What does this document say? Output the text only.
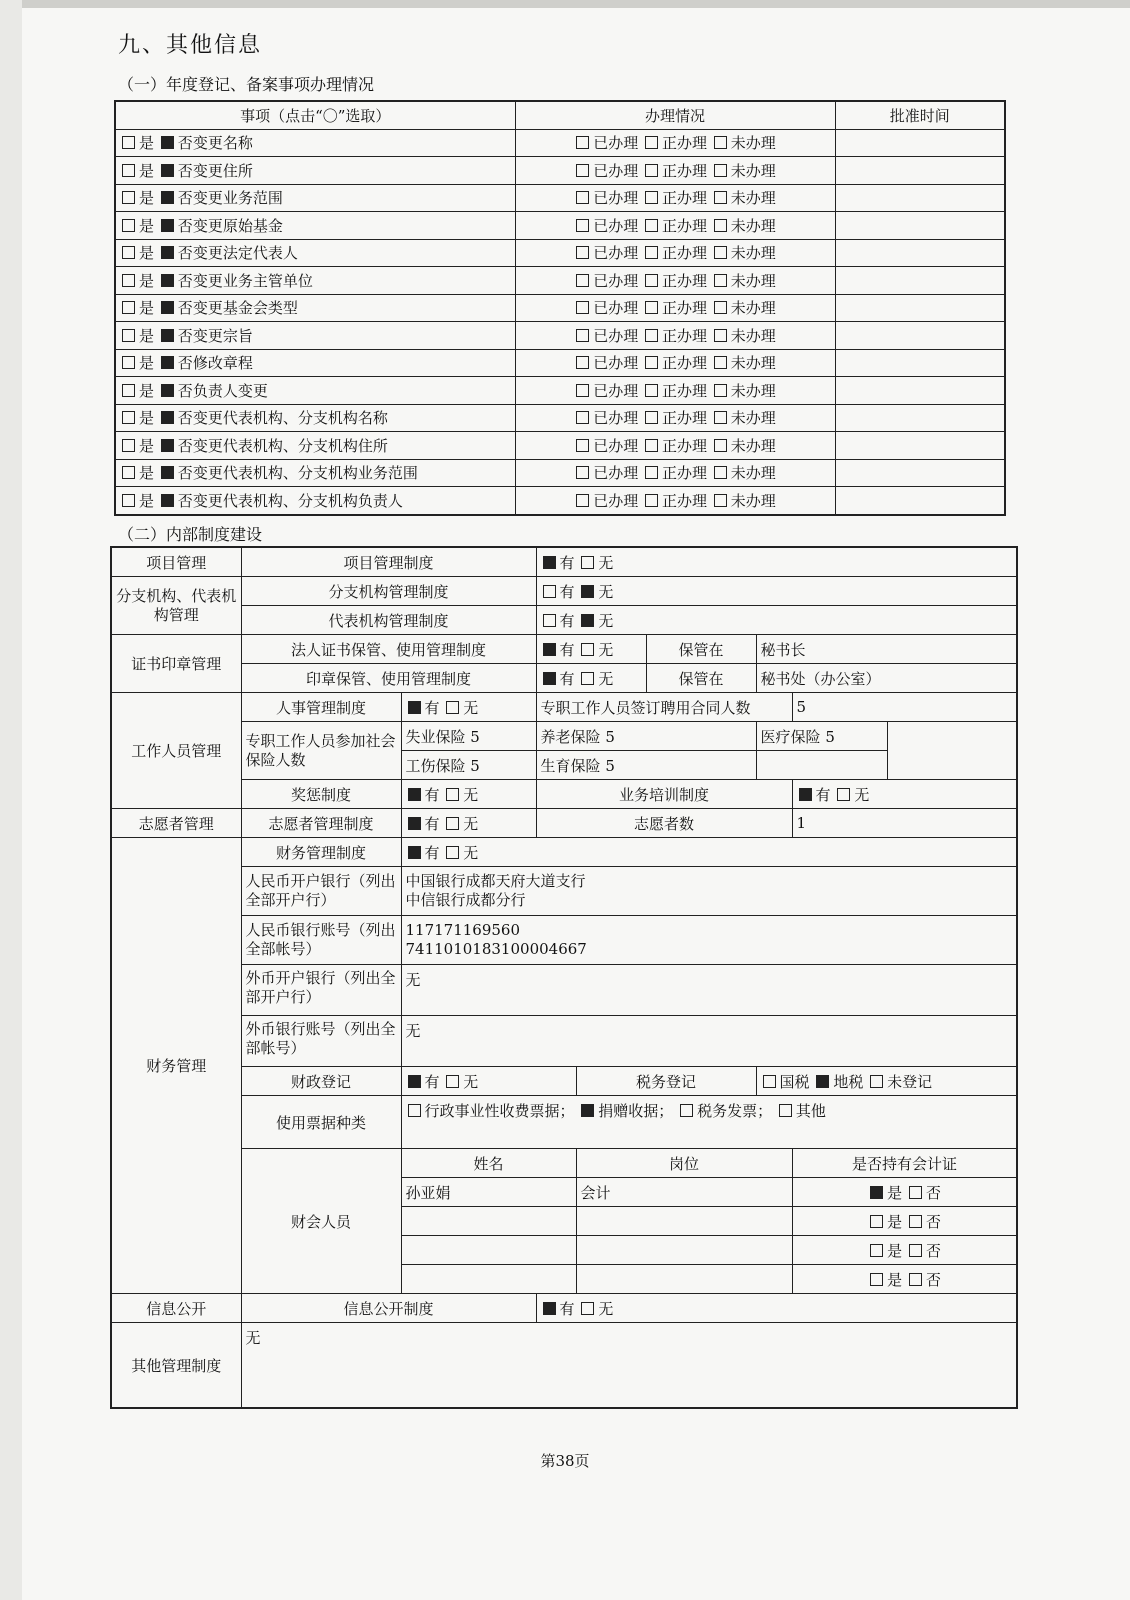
九、其他信息
（一）年度登记、备案事项办理情况
事项（点击“〇”选取）	办理情况	批准时间
是 否变更名称	已办理 正办理 未办理	
是 否变更住所	已办理 正办理 未办理	
是 否变更业务范围	已办理 正办理 未办理	
是 否变更原始基金	已办理 正办理 未办理	
是 否变更法定代表人	已办理 正办理 未办理	
是 否变更业务主管单位	已办理 正办理 未办理	
是 否变更基金会类型	已办理 正办理 未办理	
是 否变更宗旨	已办理 正办理 未办理	
是 否修改章程	已办理 正办理 未办理	
是 否负责人变更	已办理 正办理 未办理	
是 否变更代表机构、分支机构名称	已办理 正办理 未办理	
是 否变更代表机构、分支机构住所	已办理 正办理 未办理	
是 否变更代表机构、分支机构业务范围	已办理 正办理 未办理	
是 否变更代表机构、分支机构负责人	已办理 正办理 未办理	
（二）内部制度建设
项目管理	项目管理制度		有 无					
分支机构、代表机构管理	分支机构管理制度		有 无					
	代表机构管理制度		有 无					
证书印章管理	法人证书保管、使用管理制度		有 无		保管在	秘书长		
	印章保管、使用管理制度		有 无		保管在	秘书处（办公室）		
工作人员管理	人事管理制度	有 无	专职工作人员签订聘用合同人数				5	
	专职工作人员参加社会保险人数	失业保险 5	养老保险 5			医疗保险 5		
		工伤保险 5	生育保险 5					
	奖惩制度	有 无	业务培训制度				有 无	
志愿者管理	志愿者管理制度	有 无	志愿者数				1	
财务管理	财务管理制度	有 无						
	人民币开户银行（列出全部开户行）	中国银行成都天府大道支行
中信银行成都分行						

	人民币银行账号（列出全部帐号）	117171169560
7411010183100004667						

	外币开户银行（列出全部开户行）	无						
	外币银行账号（列出全部帐号）	无						
	财政登记	有 无		税务登记		国税 地税 未登记		
	使用票据种类	行政事业性收费票据； 捐赠收据； 税务发票； 其他						
	财会人员	姓名		岗位			是否持有会计证	
		孙亚娟		会计			是 否	
							是 否	
							是 否	
							是 否	
信息公开	信息公开制度		有 无					
其他管理制度	无							
第38页
